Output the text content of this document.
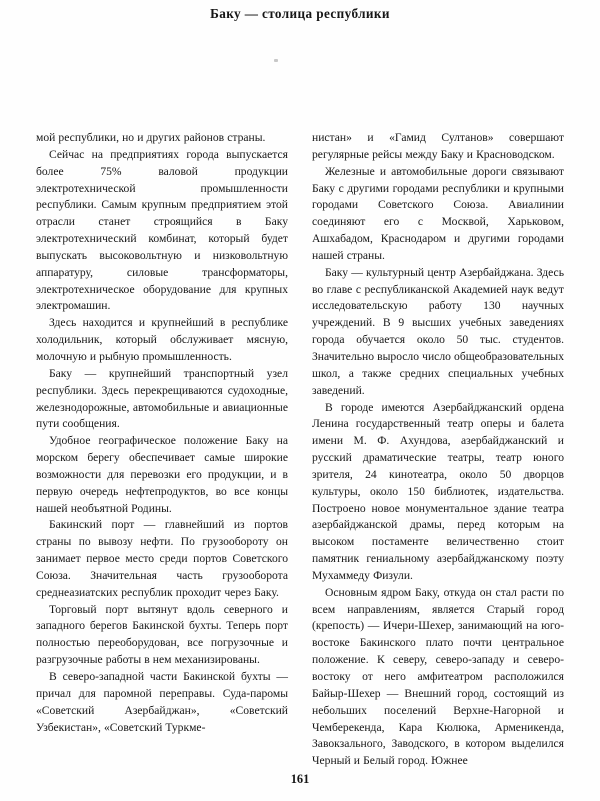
Баку — столица республики

мой республики, но и других районов страны.

Сейчас на предприятиях города выпускается более 75% валовой продукции электротехнической промышленности республики. Самым крупным предприятием этой отрасли станет строящийся в Баку электротехнический комбинат, который будет выпускать высоковольтную и низковольтную аппаратуру, силовые трансформаторы, электротехническое оборудование для крупных электромашин.

Здесь находится и крупнейший в республике холодильник, который обслуживает мясную, молочную и рыбную промышленность.

Баку — крупнейший транспортный узел республики. Здесь перекрещиваются судоходные, железнодорожные, автомобильные и авиационные пути сообщения.

Удобное географическое положение Баку на морском берегу обеспечивает самые широкие возможности для перевозки его продукции, и в первую очередь нефтепродуктов, во все концы нашей необъятной Родины.

Бакинский порт — главнейший из портов страны по вывозу нефти. По грузообороту он занимает первое место среди портов Советского Союза. Значительная часть грузооборота среднеазиатских республик проходит через Баку.

Торговый порт вытянут вдоль северного и западного берегов Бакинской бухты. Теперь порт полностью переоборудован, все погрузочные и разгрузочные работы в нем механизированы.

В северо-западной части Бакинской бухты — причал для паромной переправы. Суда-паромы «Советский Азербайджан», «Советский Узбекистан», «Советский Туркме-

нистан» и «Гамид Султанов» совершают регулярные рейсы между Баку и Красноводском.

Железные и автомобильные дороги связывают Баку с другими городами республики и крупными городами Советского Союза. Авиалинии соединяют его с Москвой, Харьковом, Ашхабадом, Краснодаром и другими городами нашей страны.

Баку — культурный центр Азербайджана. Здесь во главе с республиканской Академией наук ведут исследовательскую работу 130 научных учреждений. В 9 высших учебных заведениях города обучается около 50 тыс. студентов. Значительно выросло число общеобразовательных школ, а также средних специальных учебных заведений.

В городе имеются Азербайджанский ордена Ленина государственный театр оперы и балета имени М. Ф. Ахундова, азербайджанский и русский драматические театры, театр юного зрителя, 24 кинотеатра, около 50 дворцов культуры, около 150 библиотек, издательства. Построено новое монументальное здание театра азербайджанской драмы, перед которым на высоком постаменте величественно стоит памятник гениальному азербайджанскому поэту Мухаммеду Физули.

Основным ядром Баку, откуда он стал расти по всем направлениям, является Старый город (крепость) — Ичери-Шехер, занимающий на юго-востоке Бакинского плато почти центральное положение. К северу, северо-западу и северо-востоку от него амфитеатром расположился Байыр-Шехер — Внешний город, состоящий из небольших поселений Верхне-Нагорной и Чемберекенда, Кара Кюлюка, Арменикенда, Завокзального, Заводского, в котором выделился Черный и Белый город. Южнее

161
